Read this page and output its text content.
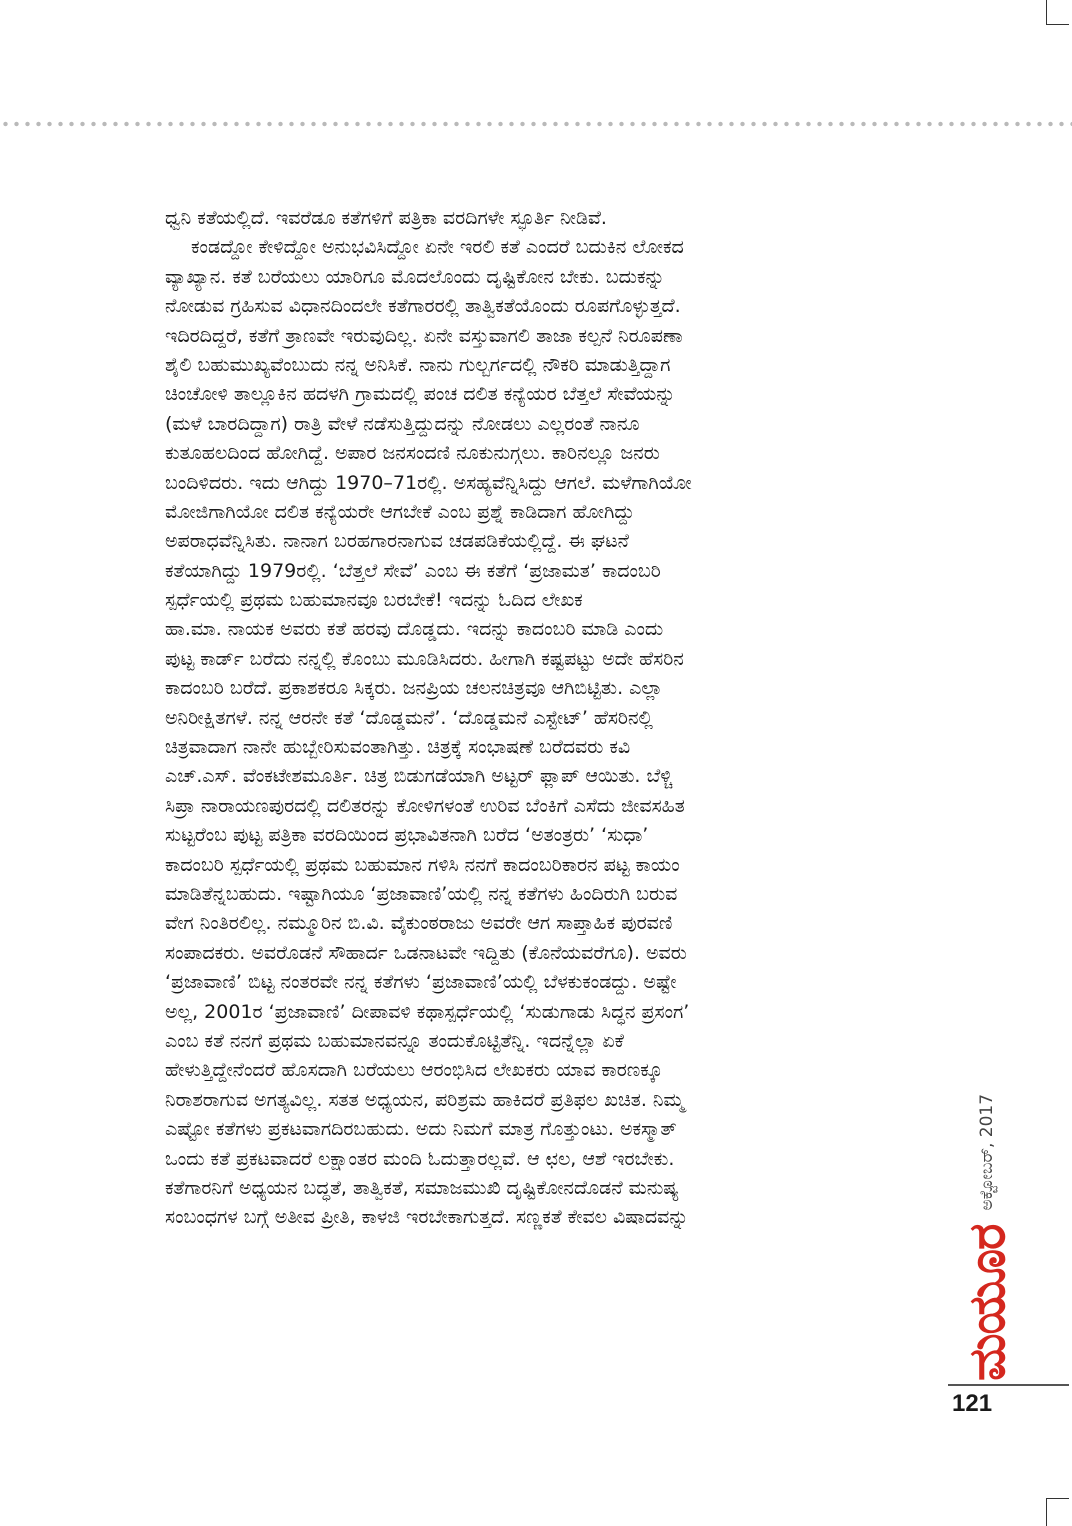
ಧ್ವನಿ ಕತೆಯಲ್ಲಿದೆ. ಇವರೆಡೂ ಕತೆಗಳಿಗೆ ಪತ್ರಿಕಾ ವರದಿಗಳೇ ಸ್ಫೂರ್ತಿ ನೀಡಿವೆ.
ಕಂಡದ್ದೋ ಕೇಳಿದ್ದೋ ಅನುಭವಿಸಿದ್ದೋ ಏನೇ ಇರಲಿ ಕತೆ ಎಂದರೆ ಬದುಕಿನ ಲೋಕದ
ವ್ಯಾಖ್ಯಾನ. ಕತೆ ಬರೆಯಲು ಯಾರಿಗೂ ಮೊದಲೊಂದು ದೃಷ್ಟಿಕೋನ ಬೇಕು. ಬದುಕನ್ನು
ನೋಡುವ ಗ್ರಹಿಸುವ ವಿಧಾನದಿಂದಲೇ ಕತೆಗಾರರಲ್ಲಿ ತಾತ್ವಿಕತೆಯೊಂದು ರೂಪಗೊಳ್ಳುತ್ತದೆ.
ಇದಿರದಿದ್ದರೆ, ಕತೆಗೆ ತ್ರಾಣವೇ ಇರುವುದಿಲ್ಲ. ಏನೇ ವಸ್ತುವಾಗಲಿ ತಾಜಾ ಕಲ್ಪನೆ ನಿರೂಪಣಾ
ಶೈಲಿ ಬಹುಮುಖ್ಯವೆಂಬುದು ನನ್ನ ಅನಿಸಿಕೆ. ನಾನು ಗುಲ್ಬರ್ಗದಲ್ಲಿ ನೌಕರಿ ಮಾಡುತ್ತಿದ್ದಾಗ
ಚಿಂಚೋಳಿ ತಾಲ್ಲೂಕಿನ ಹದಳಗಿ ಗ್ರಾಮದಲ್ಲಿ ಪಂಚ ದಲಿತ ಕನ್ಯೆಯರ ಬೆತ್ತಲೆ ಸೇವೆಯನ್ನು
(ಮಳೆ ಬಾರದಿದ್ದಾಗ) ರಾತ್ರಿ ವೇಳೆ ನಡೆಸುತ್ತಿದ್ದುದನ್ನು ನೋಡಲು ಎಲ್ಲರಂತೆ ನಾನೂ
ಕುತೂಹಲದಿಂದ ಹೋಗಿದ್ದೆ. ಅಪಾರ ಜನಸಂದಣಿ ನೂಕುನುಗ್ಗಲು. ಕಾರಿನಲ್ಲೂ ಜನರು
ಬಂದಿಳಿದರು. ಇದು ಆಗಿದ್ದು 1970–71ರಲ್ಲಿ. ಅಸಹ್ಯವೆನ್ನಿಸಿದ್ದು ಆಗಲೆ. ಮಳೆಗಾಗಿಯೋ
ಮೋಜಿಗಾಗಿಯೋ ದಲಿತ ಕನ್ಯೆಯರೇ ಆಗಬೇಕೆ ಎಂಬ ಪ್ರಶ್ನೆ ಕಾಡಿದಾಗ ಹೋಗಿದ್ದು
ಅಪರಾಧವೆನ್ನಿಸಿತು. ನಾನಾಗ ಬರಹಗಾರನಾಗುವ ಚಡಪಡಿಕೆಯಲ್ಲಿದ್ದೆ. ಈ ಘಟನೆ
ಕತೆಯಾಗಿದ್ದು 1979ರಲ್ಲಿ. ‘ಬೆತ್ತಲೆ ಸೇವೆ’ ಎಂಬ ಈ ಕತೆಗೆ ‘ಪ್ರಜಾಮತ’ ಕಾದಂಬರಿ
ಸ್ಪರ್ಧೆಯಲ್ಲಿ ಪ್ರಥಮ ಬಹುಮಾನವೂ ಬರಬೇಕೆ! ಇದನ್ನು ಓದಿದ ಲೇಖಕ
ಹಾ.ಮಾ. ನಾಯಕ ಅವರು ಕತೆ ಹರವು ದೊಡ್ಡದು. ಇದನ್ನು ಕಾದಂಬರಿ ಮಾಡಿ ಎಂದು
ಪುಟ್ಟ ಕಾರ್ಡ್ ಬರೆದು ನನ್ನಲ್ಲಿ ಕೊಂಬು ಮೂಡಿಸಿದರು. ಹೀಗಾಗಿ ಕಷ್ಟಪಟ್ಟು ಅದೇ ಹೆಸರಿನ
ಕಾದಂಬರಿ ಬರೆದೆ. ಪ್ರಕಾಶಕರೂ ಸಿಕ್ಕರು. ಜನಪ್ರಿಯ ಚಲನಚಿತ್ರವೂ ಆಗಿಬಿಟ್ಟಿತು. ಎಲ್ಲಾ
ಅನಿರೀಕ್ಷಿತಗಳೆ. ನನ್ನ ಆರನೇ ಕತೆ ‘ದೊಡ್ಡಮನೆ’. ‘ದೊಡ್ಡಮನೆ ಎಸ್ಟೇಟ್’ ಹೆಸರಿನಲ್ಲಿ
ಚಿತ್ರವಾದಾಗ ನಾನೇ ಹುಬ್ಬೇರಿಸುವಂತಾಗಿತ್ತು. ಚಿತ್ರಕ್ಕೆ ಸಂಭಾಷಣೆ ಬರೆದವರು ಕವಿ
ಎಚ್.ಎಸ್. ವೆಂಕಟೇಶಮೂರ್ತಿ. ಚಿತ್ರ ಬಿಡುಗಡೆಯಾಗಿ ಅಟ್ಟರ್ ಫ್ಲಾಪ್ ಆಯಿತು. ಬೆಳ್ಚಿ
ಸಿಪ್ರಾ ನಾರಾಯಣಪುರದಲ್ಲಿ ದಲಿತರನ್ನು ಕೋಳಿಗಳಂತೆ ಉರಿವ ಬೆಂಕಿಗೆ ಎಸೆದು ಜೀವಸಹಿತ
ಸುಟ್ಟರೆಂಬ ಪುಟ್ಟ ಪತ್ರಿಕಾ ವರದಿಯಿಂದ ಪ್ರಭಾವಿತನಾಗಿ ಬರೆದ ‘ಅತಂತ್ರರು’ ‘ಸುಧಾ’
ಕಾದಂಬರಿ ಸ್ಪರ್ಧೆಯಲ್ಲಿ ಪ್ರಥಮ ಬಹುಮಾನ ಗಳಿಸಿ ನನಗೆ ಕಾದಂಬರಿಕಾರನ ಪಟ್ಟ ಕಾಯಂ
ಮಾಡಿತೆನ್ನಬಹುದು. ಇಷ್ಟಾಗಿಯೂ ‘ಪ್ರಜಾವಾಣಿ’ಯಲ್ಲಿ ನನ್ನ ಕತೆಗಳು ಹಿಂದಿರುಗಿ ಬರುವ
ವೇಗ ನಿಂತಿರಲಿಲ್ಲ. ನಮ್ಮೂರಿನ ಬಿ.ವಿ. ವೈಕುಂಠರಾಜು ಅವರೇ ಆಗ ಸಾಪ್ತಾಹಿಕ ಪುರವಣಿ
ಸಂಪಾದಕರು. ಅವರೊಡನೆ ಸೌಹಾರ್ದ ಒಡನಾಟವೇ ಇದ್ದಿತು (ಕೊನೆಯವರೆಗೂ). ಅವರು
‘ಪ್ರಜಾವಾಣಿ’ ಬಿಟ್ಟ ನಂತರವೇ ನನ್ನ ಕತೆಗಳು ‘ಪ್ರಜಾವಾಣಿ’ಯಲ್ಲಿ ಬೆಳಕುಕಂಡದ್ದು. ಅಷ್ಟೇ
ಅಲ್ಲ, 2001ರ ‘ಪ್ರಜಾವಾಣಿ’ ದೀಪಾವಳಿ ಕಥಾಸ್ಪರ್ಧೆಯಲ್ಲಿ ‘ಸುಡುಗಾಡು ಸಿದ್ಧನ ಪ್ರಸಂಗ’
ಎಂಬ ಕತೆ ನನಗೆ ಪ್ರಥಮ ಬಹುಮಾನವನ್ನೂ ತಂದುಕೊಟ್ಟಿತೆನ್ನಿ. ಇದನ್ನೆಲ್ಲಾ ಏಕೆ
ಹೇಳುತ್ತಿದ್ದೇನೆಂದರೆ ಹೊಸದಾಗಿ ಬರೆಯಲು ಆರಂಭಿಸಿದ ಲೇಖಕರು ಯಾವ ಕಾರಣಕ್ಕೂ
ನಿರಾಶರಾಗುವ ಅಗತ್ಯವಿಲ್ಲ. ಸತತ ಅಧ್ಯಯನ, ಪರಿಶ್ರಮ ಹಾಕಿದರೆ ಪ್ರತಿಫಲ ಖಚಿತ. ನಿಮ್ಮ
ಎಷ್ಟೋ ಕತೆಗಳು ಪ್ರಕಟವಾಗದಿರಬಹುದು. ಅದು ನಿಮಗೆ ಮಾತ್ರ ಗೊತ್ತುಂಟು. ಅಕಸ್ಮಾತ್
ಒಂದು ಕತೆ ಪ್ರಕಟವಾದರೆ ಲಕ್ಷಾಂತರ ಮಂದಿ ಓದುತ್ತಾರಲ್ಲವೆ. ಆ ಛಲ, ಆಶೆ ಇರಬೇಕು.
ಕತೆಗಾರನಿಗೆ ಅಧ್ಯಯನ ಬದ್ಧತೆ, ತಾತ್ವಿಕತೆ, ಸಮಾಜಮುಖಿ ದೃಷ್ಟಿಕೋನದೊಡನೆ ಮನುಷ್ಯ
ಸಂಬಂಧಗಳ ಬಗ್ಗೆ ಅತೀವ ಪ್ರೀತಿ, ಕಾಳಜಿ ಇರಬೇಕಾಗುತ್ತದೆ. ಸಣ್ಣಕತೆ ಕೇವಲ ವಿಷಾದವನ್ನು
ಮಯೂರ
ಅಕ್ಟೋಬರ್, 2017
121
